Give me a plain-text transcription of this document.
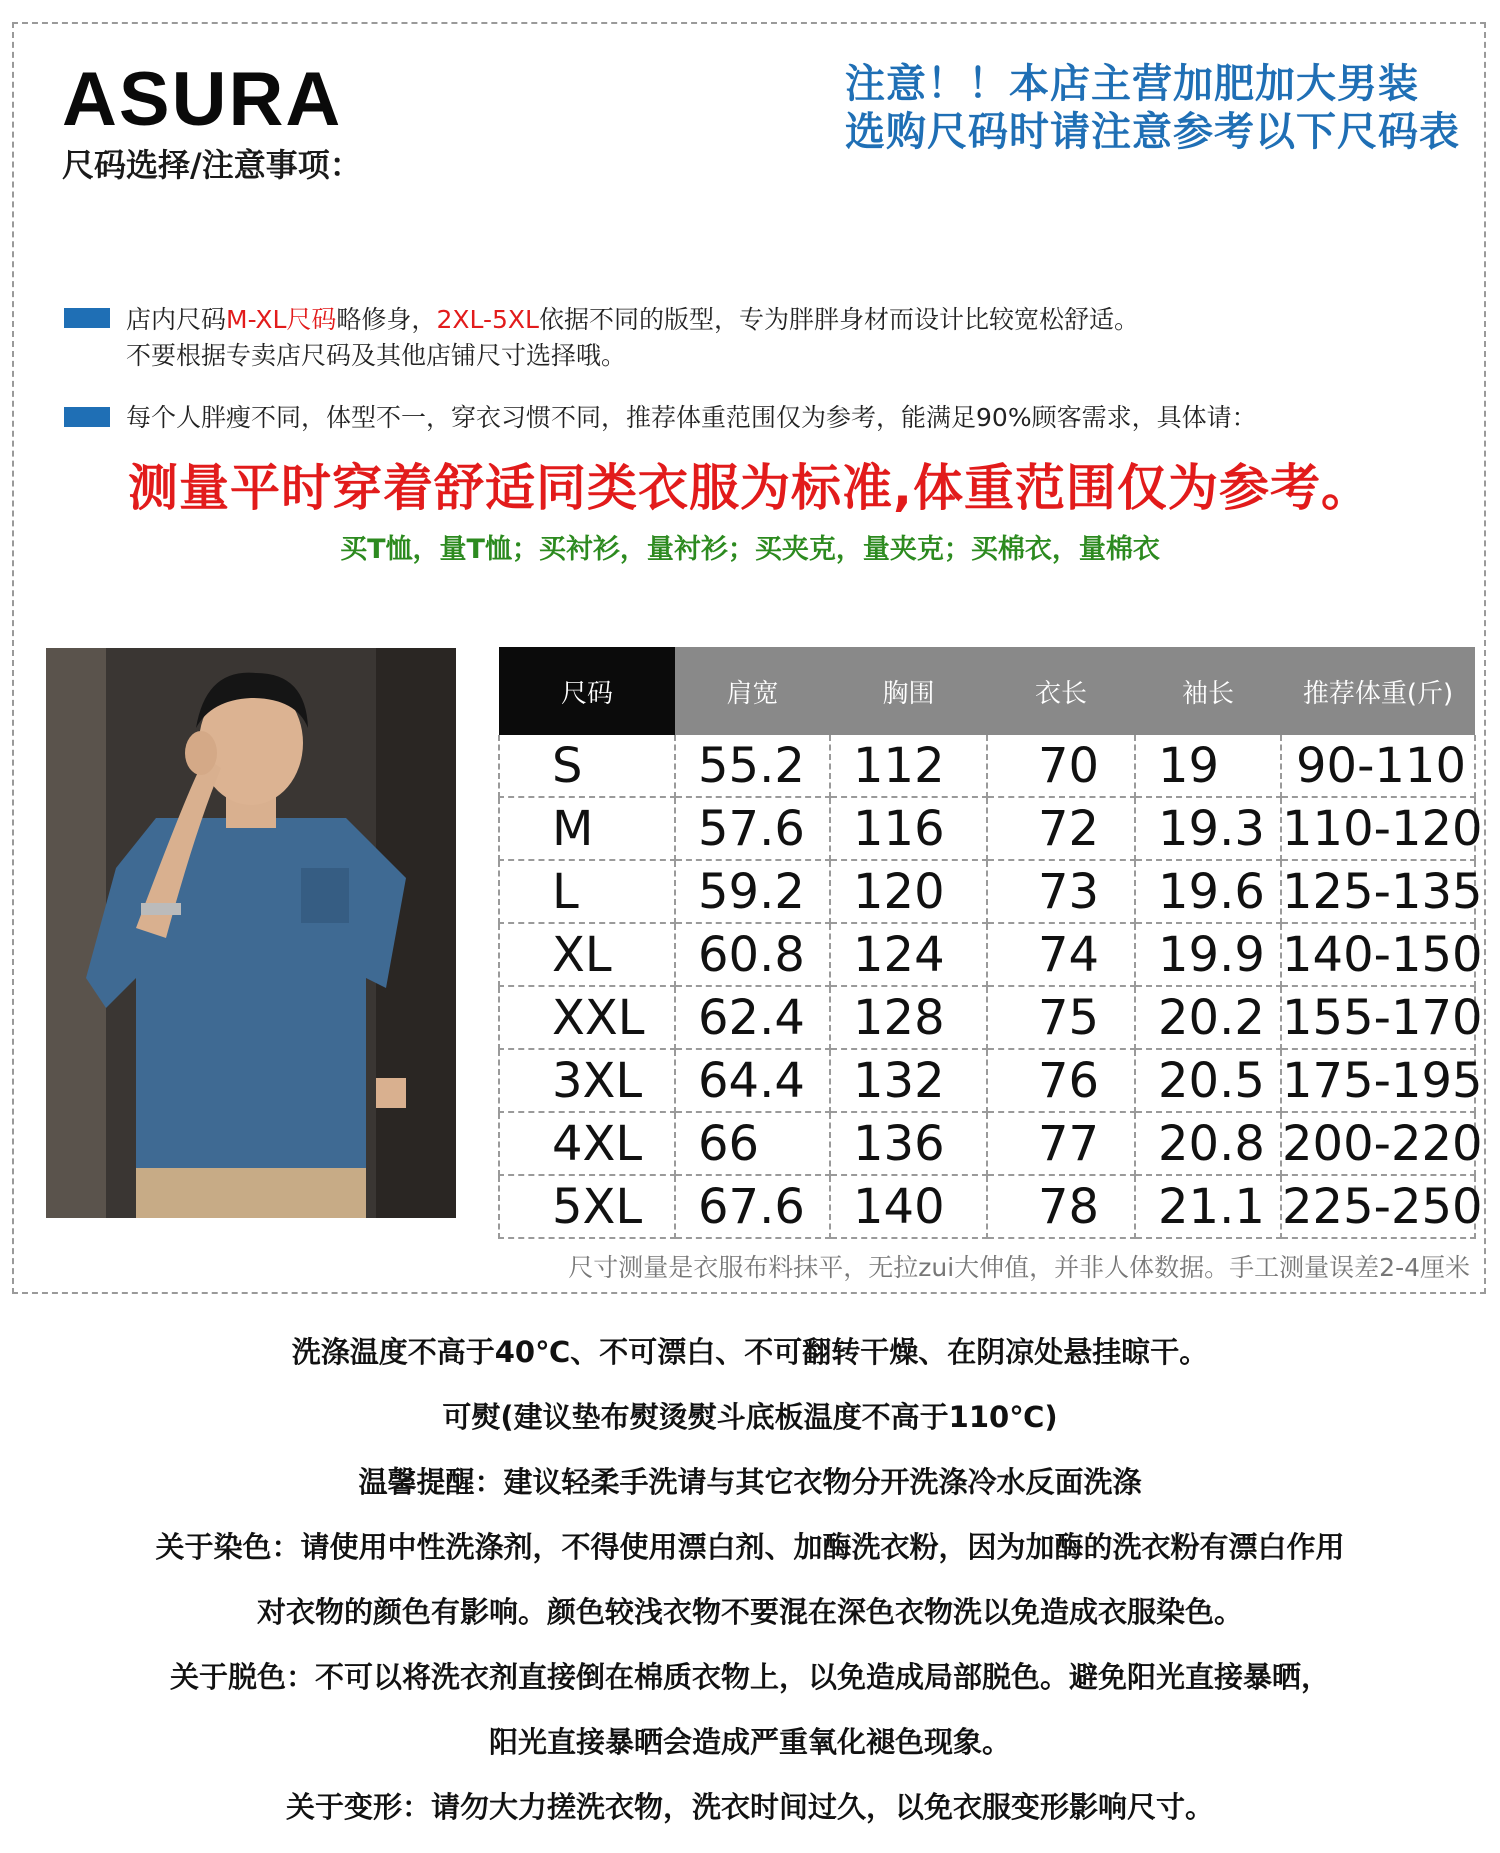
ASURA
尺码选择/注意事项：
注意！！本店主营加肥加大男装
选购尺码时请注意参考以下尺码表
店内尺码M-XL尺码略修身，2XL-5XL依据不同的版型，专为胖胖身材而设计比较宽松舒适。
不要根据专卖店尺码及其他店铺尺寸选择哦。
每个人胖瘦不同，体型不一，穿衣习惯不同，推荐体重范围仅为参考，能满足90%顾客需求，具体请：
测量平时穿着舒适同类衣服为标准,体重范围仅为参考。
买T恤，量T恤；买衬衫，量衬衫；买夹克，量夹克；买棉衣，量棉衣
尺码	肩宽	胸围	衣长	袖长	推荐体重(斤)
S	55.2	112	70	19	90-110
M	57.6	116	72	19.3	110-120
L	59.2	120	73	19.6	125-135
XL	60.8	124	74	19.9	140-150
XXL	62.4	128	75	20.2	155-170
3XL	64.4	132	76	20.5	175-195
4XL	66	136	77	20.8	200-220
5XL	67.6	140	78	21.1	225-250
尺寸测量是衣服布料抹平，无拉zui大伸值，并非人体数据。手工测量误差2-4厘米
洗涤温度不高于40℃、不可漂白、不可翻转干燥、在阴凉处悬挂晾干。
可熨(建议垫布熨烫熨斗底板温度不高于110℃)
温馨提醒：建议轻柔手洗请与其它衣物分开洗涤冷水反面洗涤
关于染色：请使用中性洗涤剂，不得使用漂白剂、加酶洗衣粉，因为加酶的洗衣粉有漂白作用
对衣物的颜色有影响。颜色较浅衣物不要混在深色衣物洗以免造成衣服染色。
关于脱色：不可以将洗衣剂直接倒在棉质衣物上，以免造成局部脱色。避免阳光直接暴晒，
阳光直接暴晒会造成严重氧化褪色现象。
关于变形：请勿大力搓洗衣物，洗衣时间过久，以免衣服变形影响尺寸。
